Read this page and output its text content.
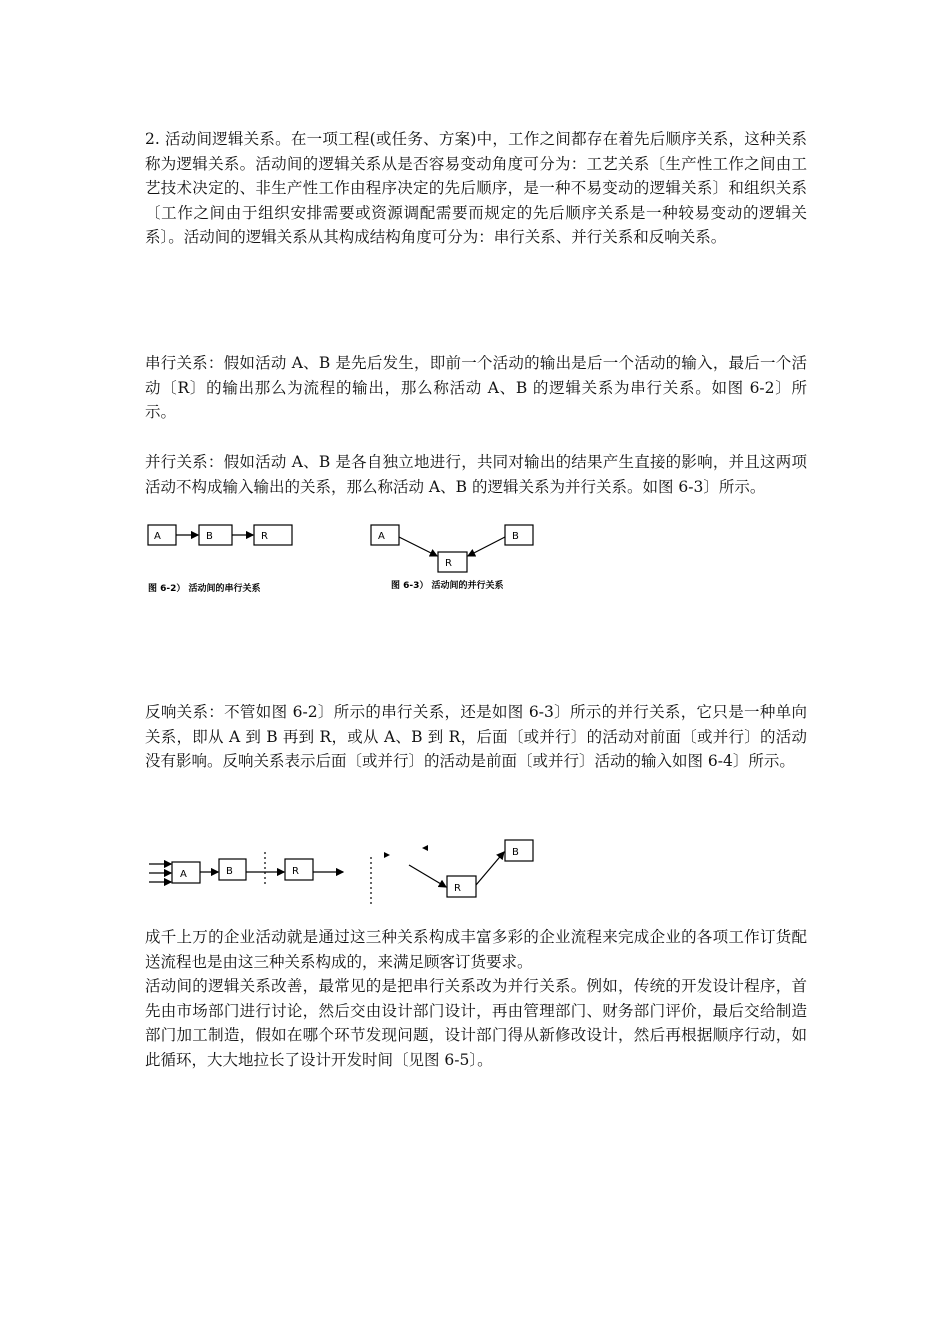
2. 活动间逻辑关系。在一项工程(或任务、方案)中，工作之间都存在着先后顺序关系，这种关系称为逻辑关系。活动间的逻辑关系从是否容易变动角度可分为：工艺关系〔生产性工作之间由工艺技术决定的、非生产性工作由程序决定的先后顺序，是一种不易变动的逻辑关系〕和组织关系〔工作之间由于组织安排需要或资源调配需要而规定的先后顺序关系是一种较易变动的逻辑关系〕。活动间的逻辑关系从其构成结构角度可分为：串行关系、并行关系和反响关系。

串行关系：假如活动 A、B 是先后发生，即前一个活动的输出是后一个活动的输入，最后一个活动〔R〕的输出那么为流程的输出，那么称活动 A、B 的逻辑关系为串行关系。如图 6-2〕所示。

并行关系：假如活动 A、B 是各自独立地进行，共同对输出的结果产生直接的影响，并且这两项活动不构成输入输出的关系，那么称活动 A、B 的逻辑关系为并行关系。如图 6-3〕所示。

A	B	R
图 6-2） 活动间的串行关系
A	B
R
图 6-3） 活动间的并行关系

反响关系：不管如图 6-2〕所示的串行关系，还是如图 6-3〕所示的并行关系，它只是一种单向关系，即从 A 到 B 再到 R，或从 A、B 到 R，后面〔或并行〕的活动对前面〔或并行〕的活动没有影响。反响关系表示后面〔或并行〕的活动是前面〔或并行〕活动的输入如图 6-4〕所示。

A	B	R
R
B

成千上万的企业活动就是通过这三种关系构成丰富多彩的企业流程来完成企业的各项工作订货配送流程也是由这三种关系构成的，来满足顾客订货要求。

活动间的逻辑关系改善，最常见的是把串行关系改为并行关系。例如，传统的开发设计程序，首先由市场部门进行讨论，然后交由设计部门设计，再由管理部门、财务部门评价，最后交给制造部门加工制造，假如在哪个环节发现问题，设计部门得从新修改设计，然后再根据顺序行动，如此循环，大大地拉长了设计开发时间〔见图 6-5〕。
